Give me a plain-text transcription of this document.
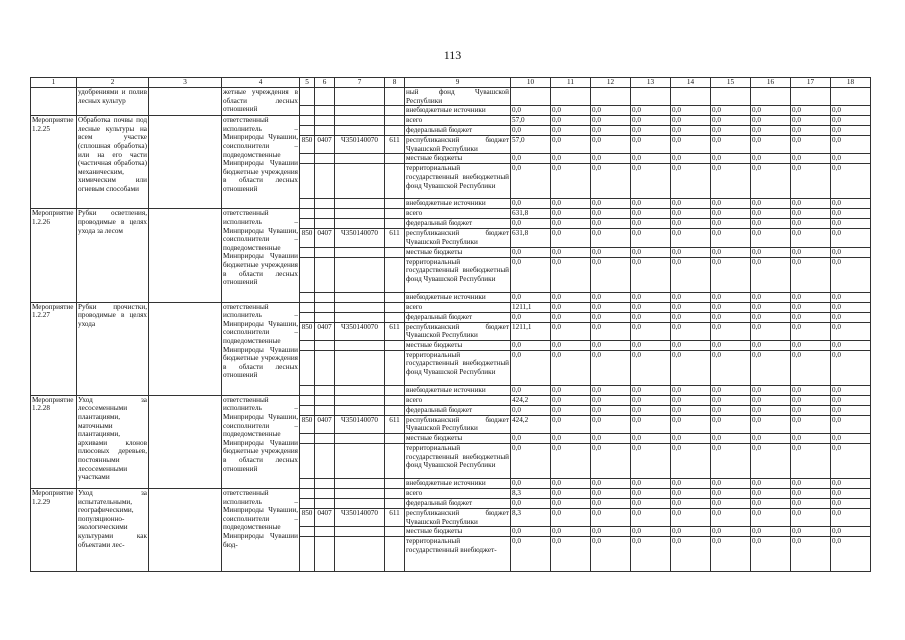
113
1	2	3	4	5	6	7	8	9	10	11	12	13	14	15	16	17	18
	удобрениями и полив лесных культур		жетные учреждения в области лесных отношений					ный фонд Чувашской Республики									
								внебюджетные источники	0,0	0,0	0,0	0,0	0,0	0,0	0,0	0,0	0,0
Мероприятие 1.2.25	Обработка почвы под лесные культуры на всем участке (сплошная обработка) или на его части (частичная обработка) механическим, химическим или огневым способами		ответственный исполнитель – Минприроды Чувашии, соисполнители – подведомственные Минприроды Чувашии бюджетные учреждения в области лесных отношений					всего	57,0	0,0	0,0	0,0	0,0	0,0	0,0	0,0	0,0
								федеральный бюджет	0,0	0,0	0,0	0,0	0,0	0,0	0,0	0,0	0,0
				850	0407	Ч350140070	611	республиканский бюджет Чувашской Республики	57,0	0,0	0,0	0,0	0,0	0,0	0,0	0,0	0,0
								местные бюджеты	0,0	0,0	0,0	0,0	0,0	0,0	0,0	0,0	0,0
								территориальный государственный внебюджетный фонд Чувашской Республики	0,0	0,0	0,0	0,0	0,0	0,0	0,0	0,0	0,0
								внебюджетные источники	0,0	0,0	0,0	0,0	0,0	0,0	0,0	0,0	0,0
Мероприятие 1.2.26	Рубки осветления, проводимые в целях ухода за лесом		ответственный исполнитель – Минприроды Чувашии, соисполнители – подведомственные Минприроды Чувашии бюджетные учреждения в области лесных отношений					всего	631,8	0,0	0,0	0,0	0,0	0,0	0,0	0,0	0,0
								федеральный бюджет	0,0	0,0	0,0	0,0	0,0	0,0	0,0	0,0	0,0
				850	0407	Ч350140070	611	республиканский бюджет Чувашской Республики	631,8	0,0	0,0	0,0	0,0	0,0	0,0	0,0	0,0
								местные бюджеты	0,0	0,0	0,0	0,0	0,0	0,0	0,0	0,0	0,0
								территориальный государственный внебюджетный фонд Чувашской Республики	0,0	0,0	0,0	0,0	0,0	0,0	0,0	0,0	0,0
								внебюджетные источники	0,0	0,0	0,0	0,0	0,0	0,0	0,0	0,0	0,0
Мероприятие 1.2.27	Рубки прочистки, проводимые в целях ухода		ответственный исполнитель – Минприроды Чувашии, соисполнители – подведомственные Минприроды Чувашии бюджетные учреждения в области лесных отношений					всего	1211,1	0,0	0,0	0,0	0,0	0,0	0,0	0,0	0,0
								федеральный бюджет	0,0	0,0	0,0	0,0	0,0	0,0	0,0	0,0	0,0
				850	0407	Ч350140070	611	республиканский бюджет Чувашской Республики	1211,1	0,0	0,0	0,0	0,0	0,0	0,0	0,0	0,0
								местные бюджеты	0,0	0,0	0,0	0,0	0,0	0,0	0,0	0,0	0,0
								территориальный государственный внебюджетный фонд Чувашской Республики	0,0	0,0	0,0	0,0	0,0	0,0	0,0	0,0	0,0
								внебюджетные источники	0,0	0,0	0,0	0,0	0,0	0,0	0,0	0,0	0,0
Мероприятие 1.2.28	Уход за лесосеменными плантациями, маточными плантациями, архивами клонов плюсовых деревьев, постоянными лесосеменными участками		ответственный исполнитель – Минприроды Чувашии, соисполнители – подведомственные Минприроды Чувашии бюджетные учреждения в области лесных отношений					всего	424,2	0,0	0,0	0,0	0,0	0,0	0,0	0,0	0,0
								федеральный бюджет	0,0	0,0	0,0	0,0	0,0	0,0	0,0	0,0	0,0
				850	0407	Ч350140070	611	республиканский бюджет Чувашской Республики	424,2	0,0	0,0	0,0	0,0	0,0	0,0	0,0	0,0
								местные бюджеты	0,0	0,0	0,0	0,0	0,0	0,0	0,0	0,0	0,0
								территориальный государственный внебюджетный фонд Чувашской Республики	0,0	0,0	0,0	0,0	0,0	0,0	0,0	0,0	0,0
								внебюджетные источники	0,0	0,0	0,0	0,0	0,0	0,0	0,0	0,0	0,0
Мероприятие 1.2.29	Уход за испытательными, географическими, популяционно-экологическими культурами как объектами лес-		ответственный исполнитель – Минприроды Чувашии, соисполнители – подведомственные Минприроды Чувашии бюд-					всего	8,3	0,0	0,0	0,0	0,0	0,0	0,0	0,0	0,0
								федеральный бюджет	0,0	0,0	0,0	0,0	0,0	0,0	0,0	0,0	0,0
				850	0407	Ч350140070	611	республиканский бюджет Чувашской Республики	8,3	0,0	0,0	0,0	0,0	0,0	0,0	0,0	0,0
								местные бюджеты	0,0	0,0	0,0	0,0	0,0	0,0	0,0	0,0	0,0
								территориальный государственный внебюджет-	0,0	0,0	0,0	0,0	0,0	0,0	0,0	0,0	0,0
